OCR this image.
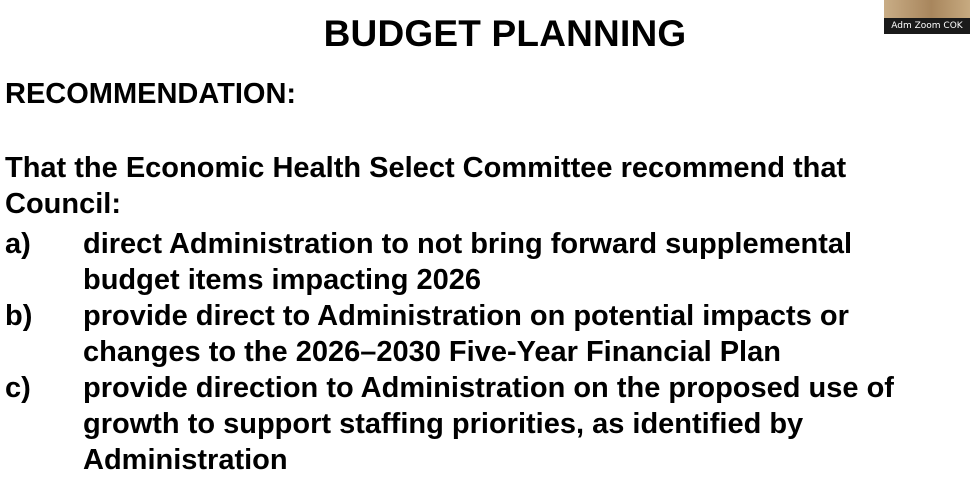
BUDGET PLANNING
RECOMMENDATION:
That the Economic Health Select Committee recommend that Council:
a)	direct Administration to not bring forward supplemental
budget items impacting 2026
b)	provide direct to Administration on potential impacts or
changes to the 2026–2030 Five-Year Financial Plan
c)	provide direction to Administration on the proposed use of
growth to support staffing priorities, as identified by
Administration
Adm Zoom COK
